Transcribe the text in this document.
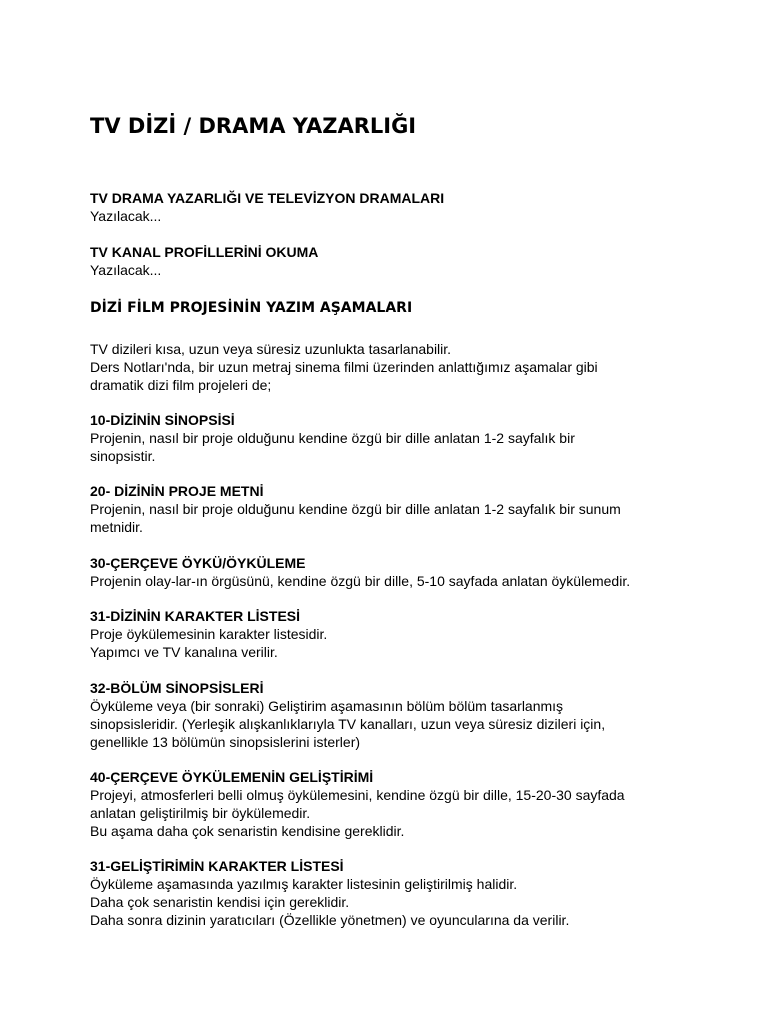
TV DİZİ / DRAMA YAZARLIĞI
TV DRAMA YAZARLIĞI VE TELEVİZYON DRAMALARI
Yazılacak...
TV KANAL PROFİLLERİNİ OKUMA
Yazılacak...
DİZİ FİLM PROJESİNİN YAZIM AŞAMALARI
TV dizileri kısa, uzun veya süresiz uzunlukta tasarlanabilir.
Ders Notları'nda, bir uzun metraj sinema filmi üzerinden anlattığımız aşamalar gibi
dramatik dizi film projeleri de;
10-DİZİNİN SİNOPSİSİ
Projenin, nasıl bir proje olduğunu kendine özgü bir dille anlatan 1-2 sayfalık bir
sinopsistir.
20- DİZİNİN PROJE METNİ
Projenin, nasıl bir proje olduğunu kendine özgü bir dille anlatan 1-2 sayfalık bir sunum
metnidir.
30-ÇERÇEVE ÖYKÜ/ÖYKÜLEME
Projenin olay-lar-ın örgüsünü, kendine özgü bir dille, 5-10 sayfada anlatan öykülemedir.
31-DİZİNİN KARAKTER LİSTESİ
Proje öykülemesinin karakter listesidir.
Yapımcı ve TV kanalına verilir.
32-BÖLÜM SİNOPSİSLERİ
Öyküleme veya (bir sonraki) Geliştirim aşamasının bölüm bölüm tasarlanmış
sinopsisleridir. (Yerleşik alışkanlıklarıyla TV kanalları, uzun veya süresiz dizileri için,
genellikle 13 bölümün sinopsislerini isterler)
40-ÇERÇEVE ÖYKÜLEMENİN GELİŞTİRİMİ
Projeyi, atmosferleri belli olmuş öykülemesini, kendine özgü bir dille, 15-20-30 sayfada
anlatan geliştirilmiş bir öykülemedir.
Bu aşama daha çok senaristin kendisine gereklidir.
31-GELİŞTİRİMİN KARAKTER LİSTESİ
Öyküleme aşamasında yazılmış karakter listesinin geliştirilmiş halidir.
Daha çok senaristin kendisi için gereklidir.
Daha sonra dizinin yaratıcıları (Özellikle yönetmen) ve oyuncularına da verilir.
